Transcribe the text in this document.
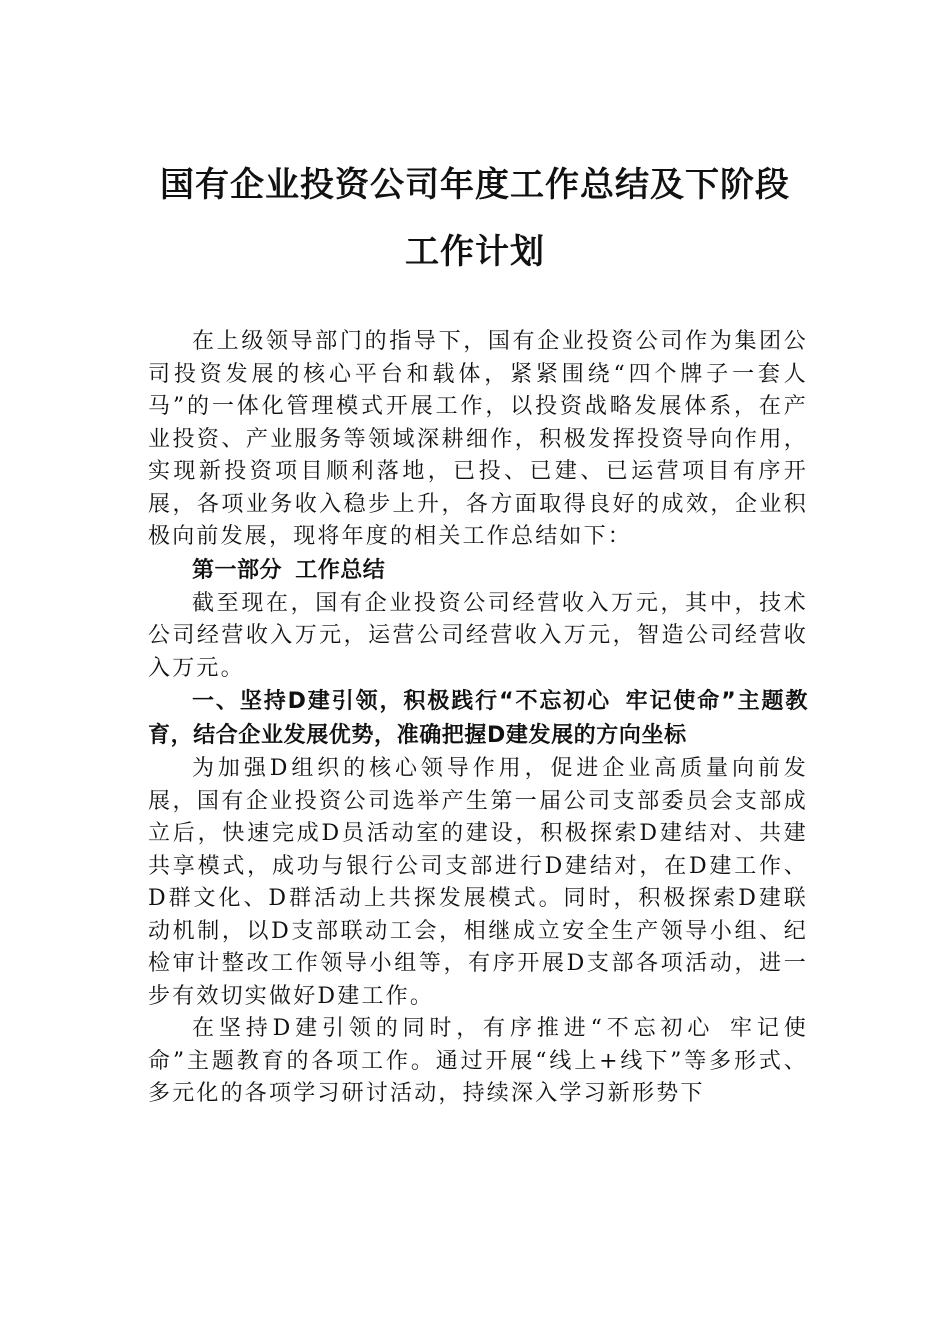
国有企业投资公司年度工作总结及下阶段
工作计划

在上级领导部门的指导下，国有企业投资公司作为集团公司投资发展的核心平台和载体，紧紧围绕“四个牌子一套人马”的一体化管理模式开展工作，以投资战略发展体系，在产业投资、产业服务等领域深耕细作，积极发挥投资导向作用，实现新投资项目顺利落地，已投、已建、已运营项目有序开展，各项业务收入稳步上升，各方面取得良好的成效，企业积极向前发展，现将年度的相关工作总结如下：

第一部分 工作总结

截至现在，国有企业投资公司经营收入万元，其中，技术公司经营收入万元，运营公司经营收入万元，智造公司经营收入万元。

一、坚持D建引领，积极践行“不忘初心 牢记使命”主题教育，结合企业发展优势，准确把握D建发展的方向坐标

为加强D组织的核心领导作用，促进企业高质量向前发展，国有企业投资公司选举产生第一届公司支部委员会支部成立后，快速完成D员活动室的建设，积极探索D建结对、共建共享模式，成功与银行公司支部进行D建结对，在D建工作、D群文化、D群活动上共探发展模式。同时，积极探索D建联动机制，以D支部联动工会，相继成立安全生产领导小组、纪检审计整改工作领导小组等，有序开展D支部各项活动，进一步有效切实做好D建工作。

在坚持D建引领的同时，有序推进“不忘初心 牢记使命”主题教育的各项工作。通过开展“线上+线下”等多形式、多元化的各项学习研讨活动，持续深入学习新形势下
